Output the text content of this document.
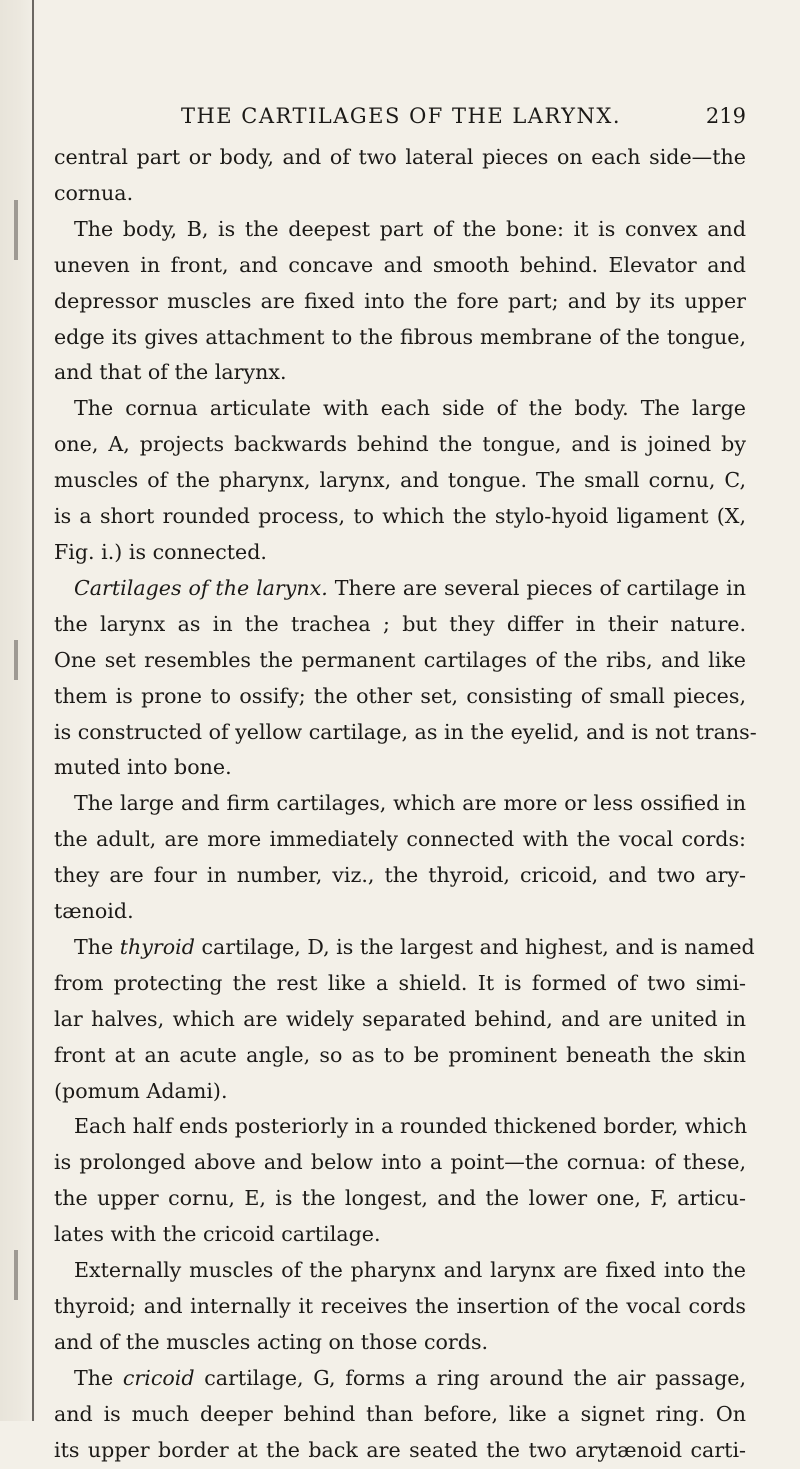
THE CARTILAGES OF THE LARYNX.	219
central part or body, and of two lateral pieces on each side—the
cornua.
The body, B, is the deepest part of the bone: it is convex and
uneven in front, and concave and smooth behind. Elevator and
depressor muscles are fixed into the fore part; and by its upper
edge its gives attachment to the fibrous membrane of the tongue,
and that of the larynx.
The cornua articulate with each side of the body. The large
one, A, projects backwards behind the tongue, and is joined by
muscles of the pharynx, larynx, and tongue. The small cornu, C,
is a short rounded process, to which the stylo-hyoid ligament (X,
Fig. i.) is connected.
Cartilages of the larynx. There are several pieces of cartilage in
the larynx as in the trachea ; but they differ in their nature.
One set resembles the permanent cartilages of the ribs, and like
them is prone to ossify; the other set, consisting of small pieces,
is constructed of yellow cartilage, as in the eyelid, and is not trans-
muted into bone.
The large and firm cartilages, which are more or less ossified in
the adult, are more immediately connected with the vocal cords:
they are four in number, viz., the thyroid, cricoid, and two ary-
tænoid.
The thyroid cartilage, D, is the largest and highest, and is named
from protecting the rest like a shield. It is formed of two simi-
lar halves, which are widely separated behind, and are united in
front at an acute angle, so as to be prominent beneath the skin
(pomum Adami).
Each half ends posteriorly in a rounded thickened border, which
is prolonged above and below into a point—the cornua: of these,
the upper cornu, E, is the longest, and the lower one, F, articu-
lates with the cricoid cartilage.
Externally muscles of the pharynx and larynx are fixed into the
thyroid; and internally it receives the insertion of the vocal cords
and of the muscles acting on those cords.
The cricoid cartilage, G, forms a ring around the air passage,
and is much deeper behind than before, like a signet ring. On
its upper border at the back are seated the two arytænoid carti-
